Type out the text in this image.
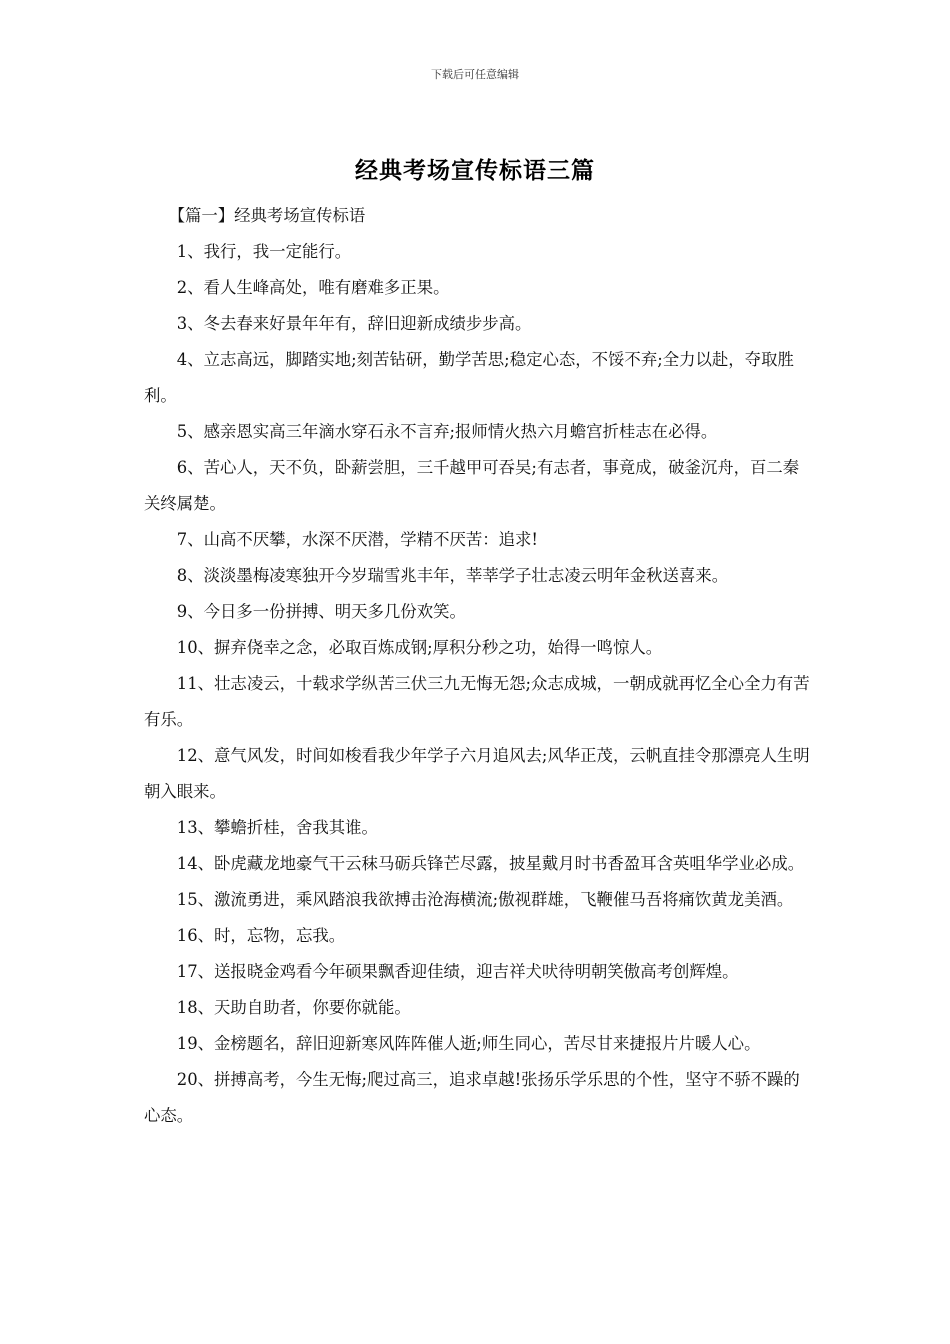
下载后可任意编辑
经典考场宣传标语三篇

【篇一】经典考场宣传标语

1、我行，我一定能行。

2、看人生峰高处，唯有磨难多正果。

3、冬去春来好景年年有，辞旧迎新成绩步步高。

4、立志高远，脚踏实地;刻苦钻研，勤学苦思;稳定心态，不馁不弃;全力以赴，夺取胜利。

5、感亲恩实高三年滴水穿石永不言弃;报师情火热六月蟾宫折桂志在必得。

6、苦心人，天不负，卧薪尝胆，三千越甲可吞吴;有志者，事竟成，破釜沉舟，百二秦关终属楚。

7、山高不厌攀，水深不厌潜，学精不厌苦：追求!

8、淡淡墨梅凌寒独开今岁瑞雪兆丰年，莘莘学子壮志凌云明年金秋送喜来。

9、今日多一份拼搏、明天多几份欢笑。

10、摒弃侥幸之念，必取百炼成钢;厚积分秒之功，始得一鸣惊人。

11、壮志凌云，十载求学纵苦三伏三九无悔无怨;众志成城，一朝成就再忆全心全力有苦有乐。

12、意气风发，时间如梭看我少年学子六月追风去;风华正茂，云帆直挂令那漂亮人生明朝入眼来。

13、攀蟾折桂，舍我其谁。

14、卧虎藏龙地豪气干云秣马砺兵锋芒尽露，披星戴月时书香盈耳含英咀华学业必成。

15、激流勇进，乘风踏浪我欲搏击沧海横流;傲视群雄，飞鞭催马吾将痛饮黄龙美酒。

16、时，忘物，忘我。

17、送报晓金鸡看今年硕果飘香迎佳绩，迎吉祥犬吠待明朝笑傲高考创辉煌。

18、天助自助者，你要你就能。

19、金榜题名，辞旧迎新寒风阵阵催人逝;师生同心，苦尽甘来捷报片片暖人心。

20、拼搏高考，今生无悔;爬过高三，追求卓越!张扬乐学乐思的个性，坚守不骄不躁的心态。
